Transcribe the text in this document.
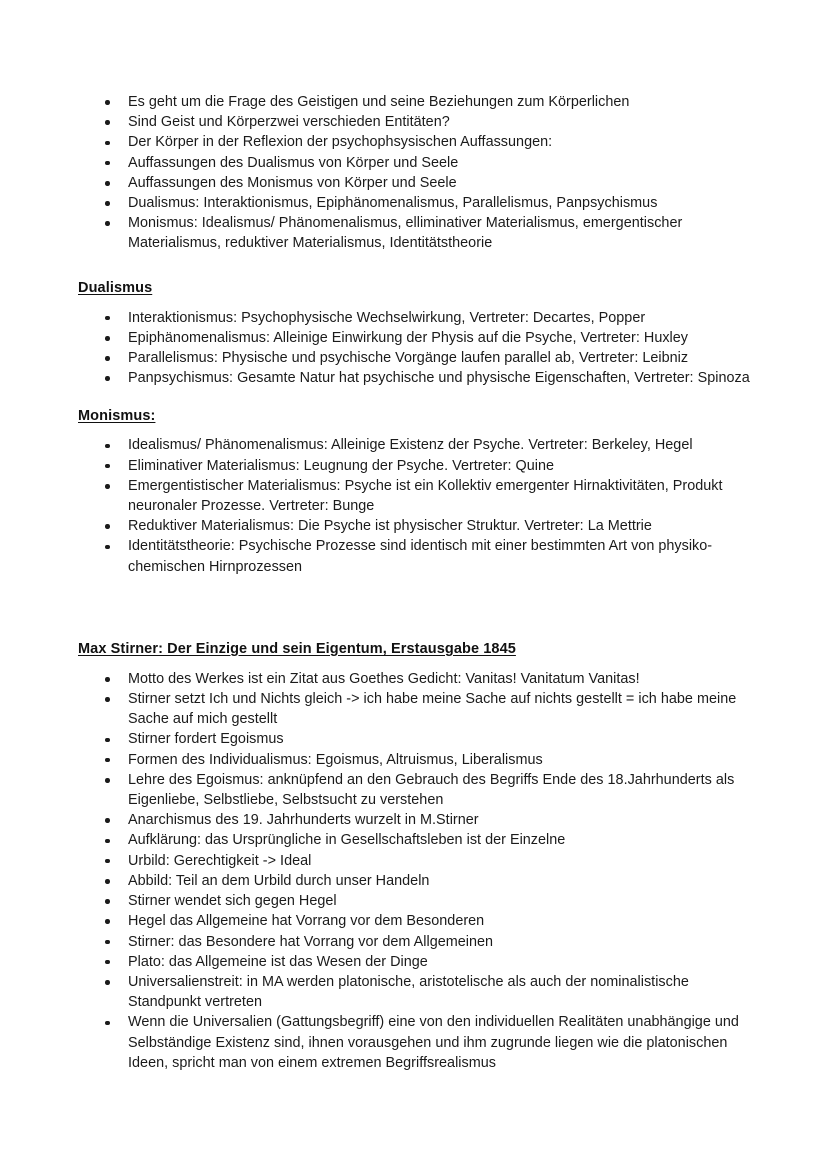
Es geht um die Frage des Geistigen und seine Beziehungen zum Körperlichen
Sind Geist und Körperzwei verschieden Entitäten?
Der Körper in der Reflexion der psychophsysischen Auffassungen:
Auffassungen des Dualismus von Körper und Seele
Auffassungen des Monismus von Körper und Seele
Dualismus: Interaktionismus, Epiphänomenalismus, Parallelismus, Panpsychismus
Monismus: Idealismus/ Phänomenalismus, elliminativer Materialismus, emergentischer Materialismus, reduktiver Materialismus, Identitätstheorie
Dualismus
Interaktionismus: Psychophysische Wechselwirkung, Vertreter: Decartes, Popper
Epiphänomenalismus: Alleinige Einwirkung der Physis auf die Psyche, Vertreter: Huxley
Parallelismus: Physische und psychische Vorgänge laufen parallel ab, Vertreter: Leibniz
Panpsychismus: Gesamte Natur hat psychische und physische Eigenschaften, Vertreter: Spinoza
Monismus:
Idealismus/ Phänomenalismus: Alleinige Existenz der Psyche. Vertreter: Berkeley, Hegel
Eliminativer Materialismus: Leugnung der Psyche. Vertreter: Quine
Emergentistischer Materialismus: Psyche ist ein Kollektiv emergenter Hirnaktivitäten, Produkt neuronaler Prozesse. Vertreter: Bunge
Reduktiver Materialismus: Die Psyche ist physischer Struktur. Vertreter: La Mettrie
Identitätstheorie: Psychische Prozesse sind identisch mit einer bestimmten Art von physiko-chemischen Hirnprozessen
Max Stirner: Der Einzige und sein Eigentum, Erstausgabe 1845
Motto des Werkes ist ein Zitat aus Goethes Gedicht: Vanitas! Vanitatum Vanitas!
Stirner setzt Ich und Nichts gleich -> ich habe meine Sache auf nichts gestellt = ich habe meine Sache auf mich gestellt
Stirner fordert Egoismus
Formen des Individualismus: Egoismus, Altruismus, Liberalismus
Lehre des Egoismus: anknüpfend an den Gebrauch des Begriffs Ende des 18.Jahrhunderts als Eigenliebe, Selbstliebe, Selbstsucht zu verstehen
Anarchismus des 19. Jahrhunderts wurzelt in M.Stirner
Aufklärung: das Ursprüngliche in Gesellschaftsleben ist der Einzelne
Urbild: Gerechtigkeit -> Ideal
Abbild: Teil an dem Urbild durch unser Handeln
Stirner wendet sich gegen Hegel
Hegel das Allgemeine hat Vorrang vor dem Besonderen
Stirner: das Besondere hat Vorrang vor dem Allgemeinen
Plato: das Allgemeine ist das Wesen der Dinge
Universalienstreit: in MA werden platonische, aristotelische als auch der nominalistische Standpunkt vertreten
Wenn die Universalien (Gattungsbegriff) eine von den individuellen Realitäten unabhängige und Selbständige Existenz sind, ihnen vorausgehen und ihm zugrunde liegen wie die platonischen Ideen, spricht man von einem extremen Begriffsrealismus
